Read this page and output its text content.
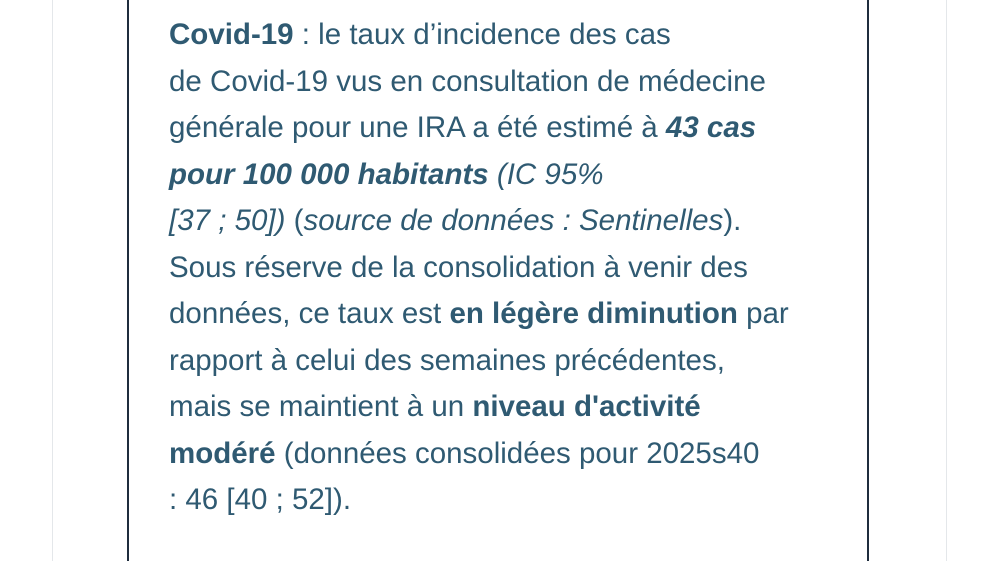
Covid-19 : le taux d’incidence des cas
de Covid-19 vus en consultation de médecine
générale pour une IRA a été estimé à 43 cas
pour 100 000 habitants (IC 95%
[37 ; 50]) (source de données : Sentinelles).
Sous réserve de la consolidation à venir des
données, ce taux est en légère diminution par
rapport à celui des semaines précédentes,
mais se maintient à un niveau d'activité
modéré (données consolidées pour 2025s40
: 46 [40 ; 52]).
